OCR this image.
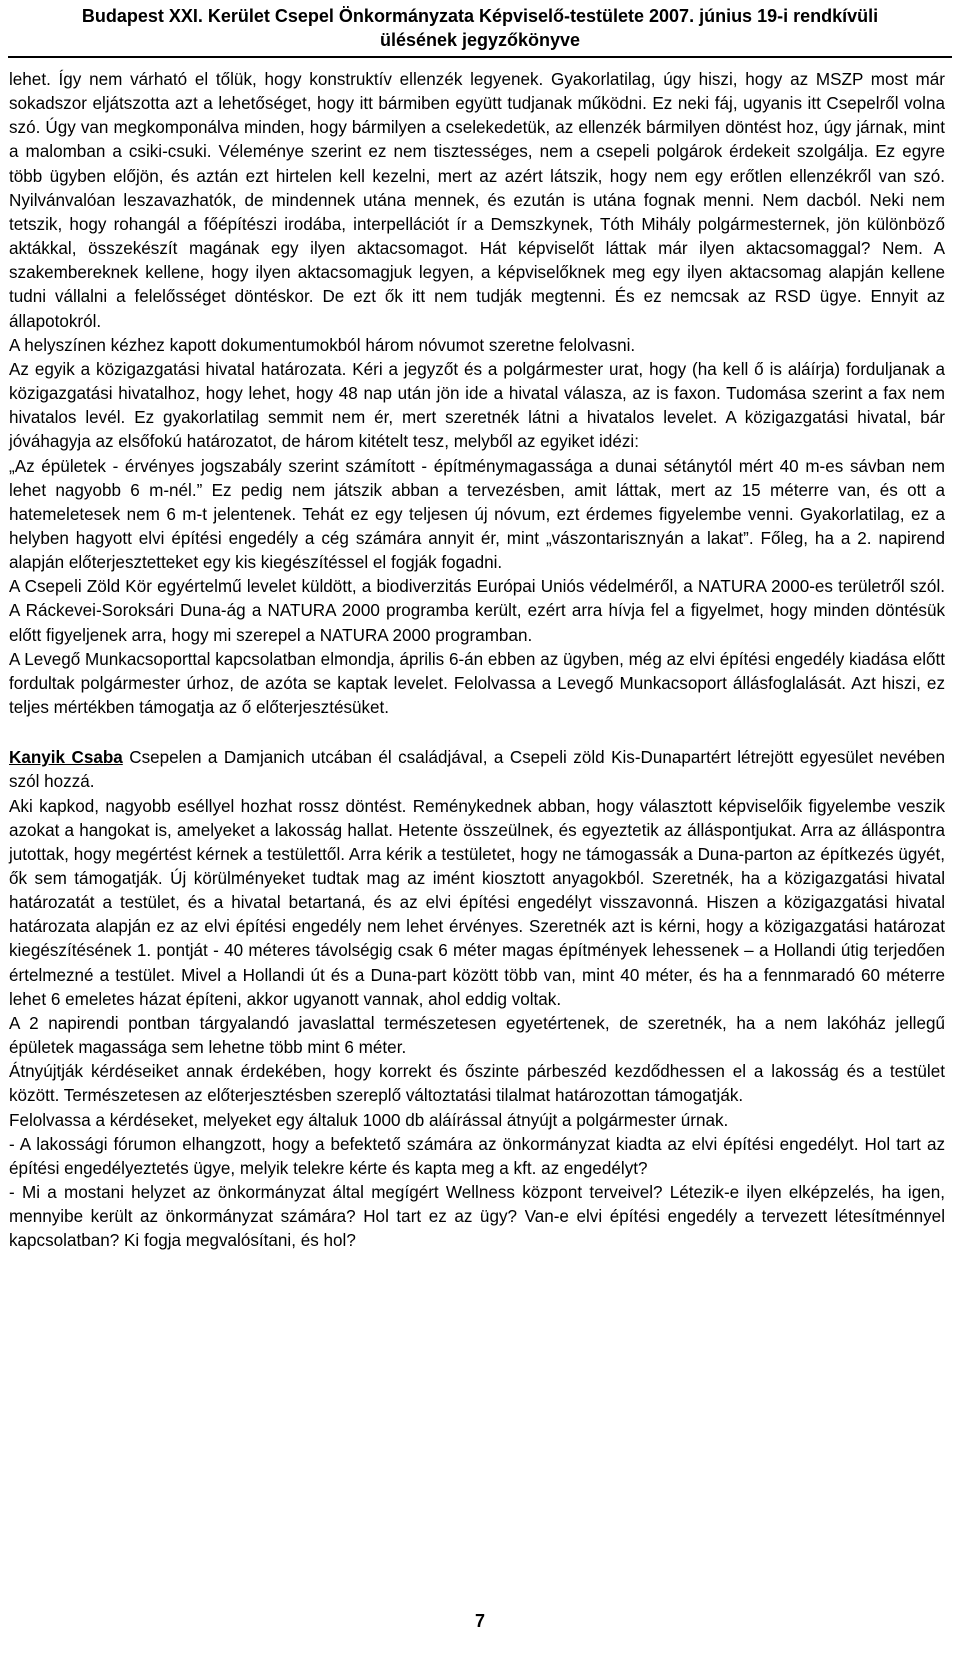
Budapest XXI. Kerület Csepel Önkormányzata Képviselő-testülete 2007. június 19-i rendkívüli
ülésének jegyzőkönyve

lehet. Így nem várható el tőlük, hogy konstruktív ellenzék legyenek. Gyakorlatilag, úgy hiszi, hogy az MSZP most már sokadszor eljátszotta azt a lehetőséget, hogy itt bármiben együtt tudjanak működni. Ez neki fáj, ugyanis itt Csepelről volna szó. Úgy van megkomponálva minden, hogy bármilyen a cselekedetük, az ellenzék bármilyen döntést hoz, úgy járnak, mint a malomban a csiki-csuki. Véleménye szerint ez nem tisztességes, nem a csepeli polgárok érdekeit szolgálja. Ez egyre több ügyben előjön, és aztán ezt hirtelen kell kezelni, mert az azért látszik, hogy nem egy erőtlen ellenzékről van szó. Nyilvánvalóan leszavazhatók, de mindennek utána mennek, és ezután is utána fognak menni. Nem dacból. Neki nem tetszik, hogy rohangál a főépítészi irodába, interpellációt ír a Demszkynek, Tóth Mihály polgármesternek, jön különböző aktákkal, összekészít magának egy ilyen aktacsomagot. Hát képviselőt láttak már ilyen aktacsomaggal? Nem. A szakembereknek kellene, hogy ilyen aktacsomagjuk legyen, a képviselőknek meg egy ilyen aktacsomag alapján kellene tudni vállalni a felelősséget döntéskor. De ezt ők itt nem tudják megtenni. És ez nemcsak az RSD ügye. Ennyit az állapotokról.

A helyszínen kézhez kapott dokumentumokból három nóvumot szeretne felolvasni.

Az egyik a közigazgatási hivatal határozata. Kéri a jegyzőt és a polgármester urat, hogy (ha kell ő is aláírja) forduljanak a közigazgatási hivatalhoz, hogy lehet, hogy 48 nap után jön ide a hivatal válasza, az is faxon. Tudomása szerint a fax nem hivatalos levél. Ez gyakorlatilag semmit nem ér, mert szeretnék látni a hivatalos levelet. A közigazgatási hivatal, bár jóváhagyja az elsőfokú határozatot, de három kitételt tesz, melyből az egyiket idézi:

„Az épületek - érvényes jogszabály szerint számított - építménymagassága a dunai sétánytól mért 40 m-es sávban nem lehet nagyobb 6 m-nél.” Ez pedig nem játszik abban a tervezésben, amit láttak, mert az 15 méterre van, és ott a hatemeletesek nem 6 m-t jelentenek. Tehát ez egy teljesen új nóvum, ezt érdemes figyelembe venni. Gyakorlatilag, ez a helyben hagyott elvi építési engedély a cég számára annyit ér, mint „vászontarisznyán a lakat”. Főleg, ha a 2. napirend alapján előterjesztetteket egy kis kiegészítéssel el fogják fogadni.

A Csepeli Zöld Kör egyértelmű levelet küldött, a biodiverzitás Európai Uniós védelméről, a NATURA 2000-es területről szól. A Ráckevei-Soroksári Duna-ág a NATURA 2000 programba került, ezért arra hívja fel a figyelmet, hogy minden döntésük előtt figyeljenek arra, hogy mi szerepel a NATURA 2000 programban.

A Levegő Munkacsoporttal kapcsolatban elmondja, április 6-án ebben az ügyben, még az elvi építési engedély kiadása előtt fordultak polgármester úrhoz, de azóta se kaptak levelet. Felolvassa a Levegő Munkacsoport állásfoglalását. Azt hiszi, ez teljes mértékben támogatja az ő előterjesztésüket.

Kanyik Csaba Csepelen a Damjanich utcában él családjával, a Csepeli zöld Kis-Dunapartért létrejött egyesület nevében szól hozzá.

Aki kapkod, nagyobb eséllyel hozhat rossz döntést. Reménykednek abban, hogy választott képviselőik figyelembe veszik azokat a hangokat is, amelyeket a lakosság hallat. Hetente összeülnek, és egyeztetik az álláspontjukat. Arra az álláspontra jutottak, hogy megértést kérnek a testülettől. Arra kérik a testületet, hogy ne támogassák a Duna-parton az építkezés ügyét, ők sem támogatják. Új körülményeket tudtak mag az imént kiosztott anyagokból. Szeretnék, ha a közigazgatási hivatal határozatát a testület, és a hivatal betartaná, és az elvi építési engedélyt visszavonná. Hiszen a közigazgatási hivatal határozata alapján ez az elvi építési engedély nem lehet érvényes. Szeretnék azt is kérni, hogy a közigazgatási határozat kiegészítésének 1. pontját - 40 méteres távolségig csak 6 méter magas építmények lehessenek – a Hollandi útig terjedően értelmezné a testület. Mivel a Hollandi út és a Duna-part között több van, mint 40 méter, és ha a fennmaradó 60 méterre lehet 6 emeletes házat építeni, akkor ugyanott vannak, ahol eddig voltak.

A 2 napirendi pontban tárgyalandó javaslattal természetesen egyetértenek, de szeretnék, ha a nem lakóház jellegű épületek magassága sem lehetne több mint 6 méter.

Átnyújtják kérdéseiket annak érdekében, hogy korrekt és őszinte párbeszéd kezdődhessen el a lakosság és a testület között. Természetesen az előterjesztésben szereplő változtatási tilalmat határozottan támogatják.

Felolvassa a kérdéseket, melyeket egy általuk 1000 db aláírással átnyújt a polgármester úrnak.

- A lakossági fórumon elhangzott, hogy a befektető számára az önkormányzat kiadta az elvi építési engedélyt. Hol tart az építési engedélyeztetés ügye, melyik telekre kérte és kapta meg a kft. az engedélyt?

- Mi a mostani helyzet az önkormányzat által megígért Wellness központ terveivel? Létezik-e ilyen elképzelés, ha igen, mennyibe került az önkormányzat számára? Hol tart ez az ügy? Van-e elvi építési engedély a tervezett létesítménnyel kapcsolatban? Ki fogja megvalósítani, és hol?

7
